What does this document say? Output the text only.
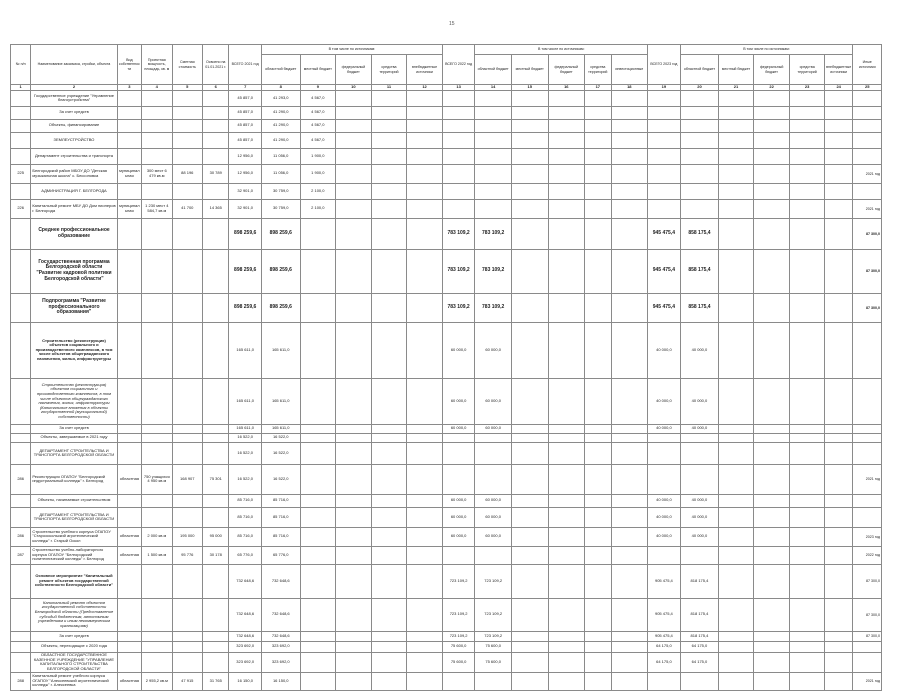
15
№ п/п	Наименование заказчика, стройки, объекта	Вид собственности	Проектная мощность, площадь, кв. м	Сметная стоимость	Освоено на 01.01.2021 г.	ВСЕГО 2021 год	В том числе по источникам:					ВСЕГО 2022 год	В том числе по источникам:					ВСЕГО 2023 год	В том числе по источникам:					Иные источники
							областной бюджет	местный бюджет	федеральный бюджет	средства территорий	внебюджетные источники		областной бюджет	местный бюджет	федеральный бюджет	средства территорий	инвестиционные		областной бюджет	местный бюджет	федеральный бюджет	средства территорий	внебюджетные источники	
1	2	3	4	5	6	7	8	9	10	11	12	13	14	15	16	17	18	19	20	21	22	23	24	25
	Государственное учреждение "Управление благоустройства"					45 857,0	41 293,0	4 567,0																
	За счет средств					45 857,0	41 290,0	4 567,0																
	Объекты, финансирование					45 857,0	41 290,0	4 567,0																
	ЗЕМЛЕУСТРОЙСТВО					45 857,0	41 290,0	4 567,0																
	Департамент строительства и транспорта					12 956,0	11 056,0	1 900,0																
225	Белгородский район МБОУ ДО "Детская музыкальная школа" с. Бессоновка	муниципальная	300 мест 6 479 кв.м	88 196	30 789	12 956,0	11 056,0	1 900,0																2021 год
	АДМИНИСТРАЦИЯ Г. БЕЛГОРОДА					32 901,0	30 759,0	2 100,0																
226	Капитальный ремонт МБУ ДО Дом пионеров г. Белгорода	муниципальная	1 230 мест 4 584,7 кв.м	41 700	14 365	32 901,0	30 759,0	2 100,0																2021 год
	Среднее профессиональное образование					898 259,6	898 259,6					783 109,2	783 109,2					945 475,4	858 175,4					87 300,0
	Государственная программа Белгородской области "Развитие кадровой политики Белгородской области"					898 259,6	898 259,6					783 109,2	783 109,2					945 475,4	858 175,4					87 300,0
	Подпрограмма "Развитие профессионального образования"					898 259,6	898 259,6					783 109,2	783 109,2					945 475,4	858 175,4					87 300,0
	Строительство (реконструкция) объектов социального и производственного комплексов, в том числе объектов общегражданского назначения, жилья, инфраструктуры					165 611,0	165 611,0					60 000,0	60 000,0					40 000,0	40 000,0					
	Строительство (реконструкция) объектов социального и производственного комплексов, в том числе объектов общегражданского назначения, жилья, инфраструктуры (Капитальные вложения в объекты государственной (муниципальной) собственности)					165 611,0	165 611,0					60 000,0	60 000,0					40 000,0	40 000,0					
	За счет средств					165 611,0	165 611,0					60 000,0	60 000,0					40 000,0	40 000,0					
	Объекты, завершаемые в 2021 году					16 522,0	16 522,0																	
	ДЕПАРТАМЕНТ СТРОИТЕЛЬСТВА И ТРАНСПОРТА БЕЛГОРОДСКОЙ ОБЛАСТИ					16 522,0	16 522,0																	
286	Реконструкция ОГАПОУ "Белгородский индустриальный колледж" г. Белгород	областная	750 учащихся 4 950 кв.м	168 907	75 301	16 522,0	16 522,0																	2021 год
	Объекты, начинаемые строительством					85 716,0	85 716,0					60 000,0	60 000,0					40 000,0	40 000,0					
	ДЕПАРТАМЕНТ СТРОИТЕЛЬСТВА И ТРАНСПОРТА БЕЛГОРОДСКОЙ ОБЛАСТИ					85 716,0	85 716,0					60 000,0	60 000,0					40 000,0	40 000,0					
286	Строительство учебного корпуса ОГАПОУ "Старооскольский агротехнический колледж" г. Старый Оскол	областная	2 000 кв.м	195 000	95 000	85 716,0	85 716,0					60 000,0	60 000,0					40 000,0	40 000,0					2023 год
287	Строительство учебно-лабораторного корпуса ОГАПОУ "Белгородский политехнический колледж" г. Белгород	областная	1 500 кв.м	95 776	30 178	65 776,0	65 776,0																	2022 год
	Основное мероприятие "Капитальный ремонт объектов государственной собственности Белгородской области"					732 648,6	732 648,6					723 109,2	723 109,2					905 475,4	818 175,4					87 300,0
	Капитальный ремонт объектов государственной собственности Белгородской области (Предоставление субсидий бюджетным, автономным учреждениям и иным некоммерческим организациям)					732 648,6	732 648,6					723 109,2	723 109,2					905 475,4	818 175,4					87 300,0
	За счет средств					732 648,6	732 648,6					723 109,2	723 109,2					905 475,4	818 175,4					87 300,0
	Объекты, переходящие с 2020 года					323 692,0	323 692,0					75 600,0	75 600,0					64 175,0	64 175,0					
	ОБЛАСТНОЕ ГОСУДАРСТВЕННОЕ КАЗЕННОЕ УЧРЕЖДЕНИЕ "УПРАВЛЕНИЕ КАПИТАЛЬНОГО СТРОИТЕЛЬСТВА БЕЛГОРОДСКОЙ ОБЛАСТИ"					323 692,0	323 692,0					75 600,0	75 600,0					64 175,0	64 175,0					
288	Капитальный ремонт учебного корпуса ОГАПОУ "Алексеевский агротехнический колледж" г. Алексеевка	областная	2 955,2 кв.м	47 915	31 765	16 150,0	16 150,0																	2021 год
